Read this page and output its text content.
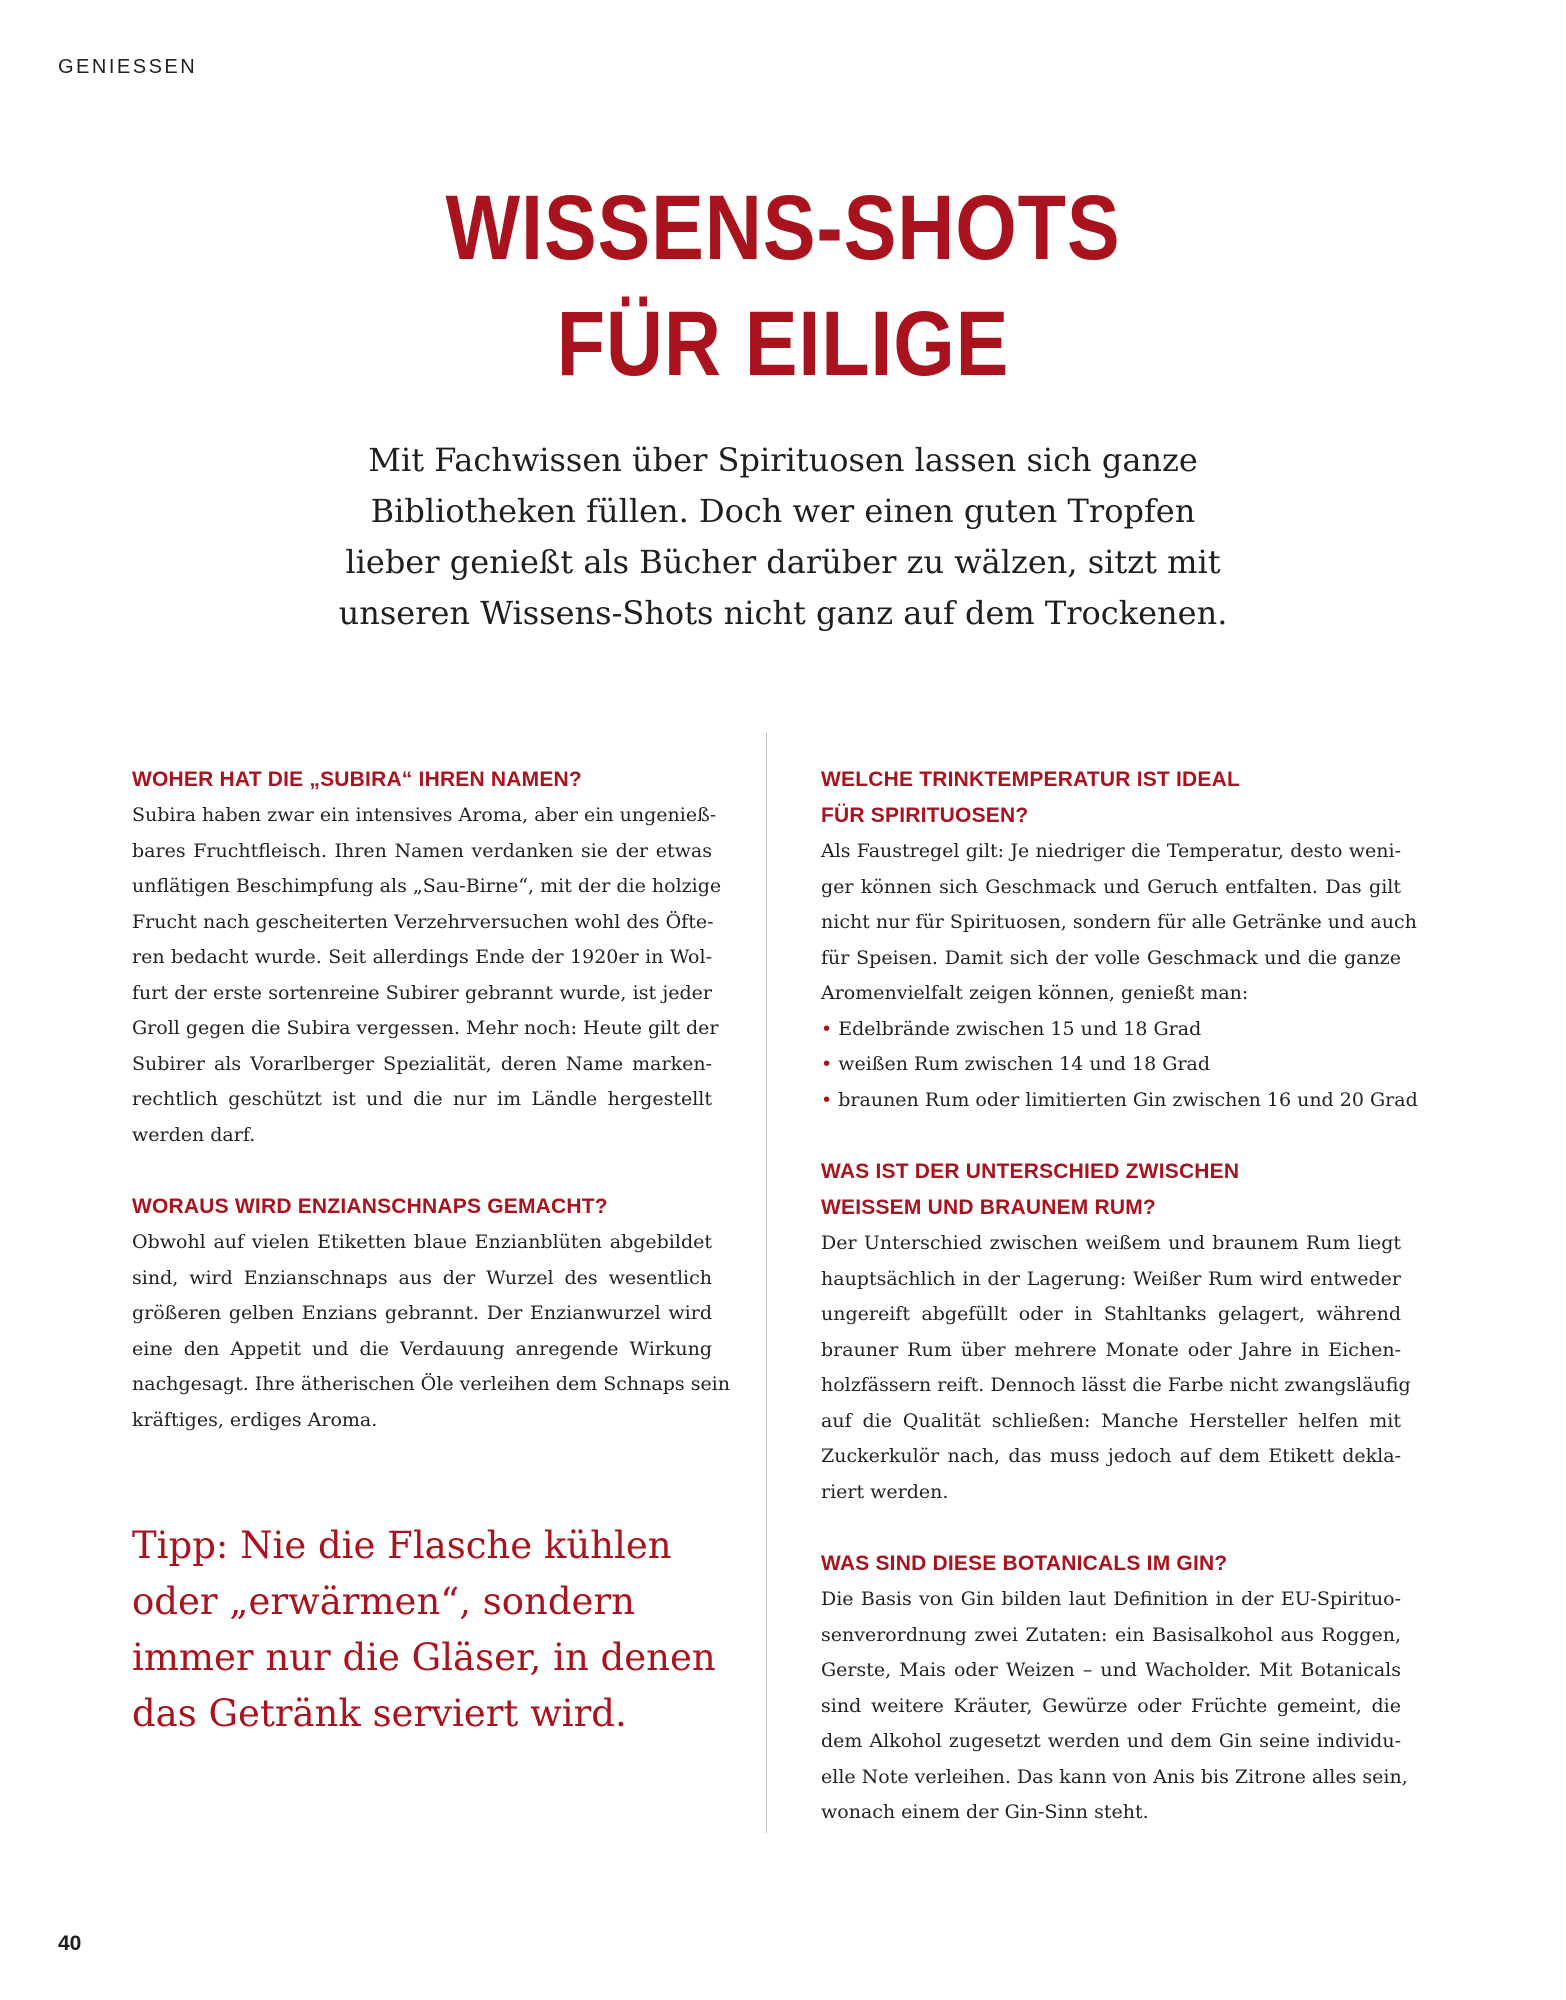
GENIESSEN
WISSENS-SHOTS
FÜR EILIGE
Mit Fachwissen über Spirituosen lassen sich ganze
Bibliotheken füllen. Doch wer einen guten Tropfen
lieber genießt als Bücher darüber zu wälzen, sitzt mit
unseren Wissens-Shots nicht ganz auf dem Trockenen.
WOHER HAT DIE „SUBIRA“ IHREN NAMEN?
Subira haben zwar ein intensives Aroma, aber ein ungenieß-
bares Fruchtfleisch. Ihren Namen verdanken sie der etwas
unflätigen Beschimpfung als „Sau-Birne“, mit der die holzige
Frucht nach gescheiterten Verzehrversuchen wohl des Öfte-
ren bedacht wurde. Seit allerdings Ende der 1920er in Wol-
furt der erste sortenreine Subirer gebrannt wurde, ist jeder
Groll gegen die Subira vergessen. Mehr noch: Heute gilt der
Subirer als Vorarlberger Spezialität, deren Name marken-
rechtlich geschützt ist und die nur im Ländle hergestellt
werden darf.
WORAUS WIRD ENZIANSCHNAPS GEMACHT?
Obwohl auf vielen Etiketten blaue Enzianblüten abgebildet
sind, wird Enzianschnaps aus der Wurzel des wesentlich
größeren gelben Enzians gebrannt. Der Enzianwurzel wird
eine den Appetit und die Verdauung anregende Wirkung
nachgesagt. Ihre ätherischen Öle verleihen dem Schnaps sein
kräftiges, erdiges Aroma.
Tipp: Nie die Flasche kühlen
oder „erwärmen“, sondern
immer nur die Gläser, in denen
das Getränk serviert wird.
WELCHE TRINKTEMPERATUR IST IDEAL
FÜR SPIRITUOSEN?
Als Faustregel gilt: Je niedriger die Temperatur, desto weni-
ger können sich Geschmack und Geruch entfalten. Das gilt
nicht nur für Spirituosen, sondern für alle Getränke und auch
für Speisen. Damit sich der volle Geschmack und die ganze
Aromenvielfalt zeigen können, genießt man:
• Edelbrände zwischen 15 und 18 Grad
• weißen Rum zwischen 14 und 18 Grad
• braunen Rum oder limitierten Gin zwischen 16 und 20 Grad
WAS IST DER UNTERSCHIED ZWISCHEN
WEISSEM UND BRAUNEM RUM?
Der Unterschied zwischen weißem und braunem Rum liegt
hauptsächlich in der Lagerung: Weißer Rum wird entweder
ungereift abgefüllt oder in Stahltanks gelagert, während
brauner Rum über mehrere Monate oder Jahre in Eichen-
holzfässern reift. Dennoch lässt die Farbe nicht zwangsläufig
auf die Qualität schließen: Manche Hersteller helfen mit
Zuckerkulör nach, das muss jedoch auf dem Etikett dekla-
riert werden.
WAS SIND DIESE BOTANICALS IM GIN?
Die Basis von Gin bilden laut Definition in der EU-Spirituo-
senverordnung zwei Zutaten: ein Basisalkohol aus Roggen,
Gerste, Mais oder Weizen – und Wacholder. Mit Botanicals
sind weitere Kräuter, Gewürze oder Früchte gemeint, die
dem Alkohol zugesetzt werden und dem Gin seine individu-
elle Note verleihen. Das kann von Anis bis Zitrone alles sein,
wonach einem der Gin-Sinn steht.
40
